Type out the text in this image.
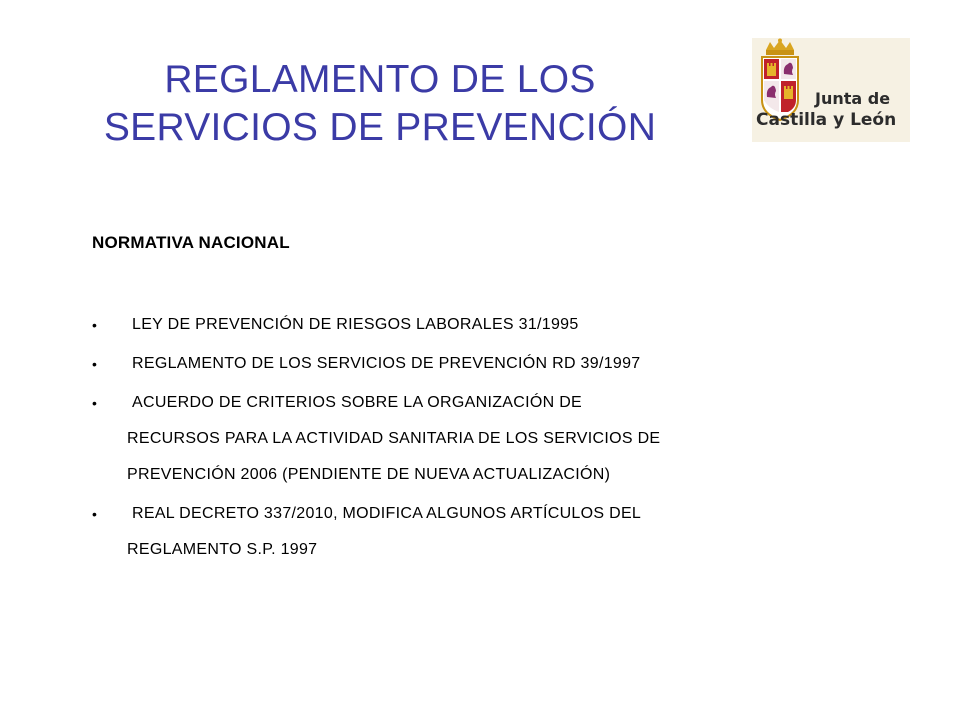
REGLAMENTO DE LOS
SERVICIOS DE PREVENCIÓN
Junta de
Castilla y León
NORMATIVA NACIONAL
•	LEY DE PREVENCIÓN DE RIESGOS LABORALES 31/1995
•	REGLAMENTO DE LOS SERVICIOS DE PREVENCIÓN RD 39/1997
•	ACUERDO DE CRITERIOS SOBRE LA ORGANIZACIÓN DE
RECURSOS PARA LA ACTIVIDAD SANITARIA DE LOS SERVICIOS DE
PREVENCIÓN 2006 (PENDIENTE DE NUEVA ACTUALIZACIÓN)
•	REAL DECRETO 337/2010, MODIFICA ALGUNOS ARTÍCULOS DEL
REGLAMENTO S.P. 1997
